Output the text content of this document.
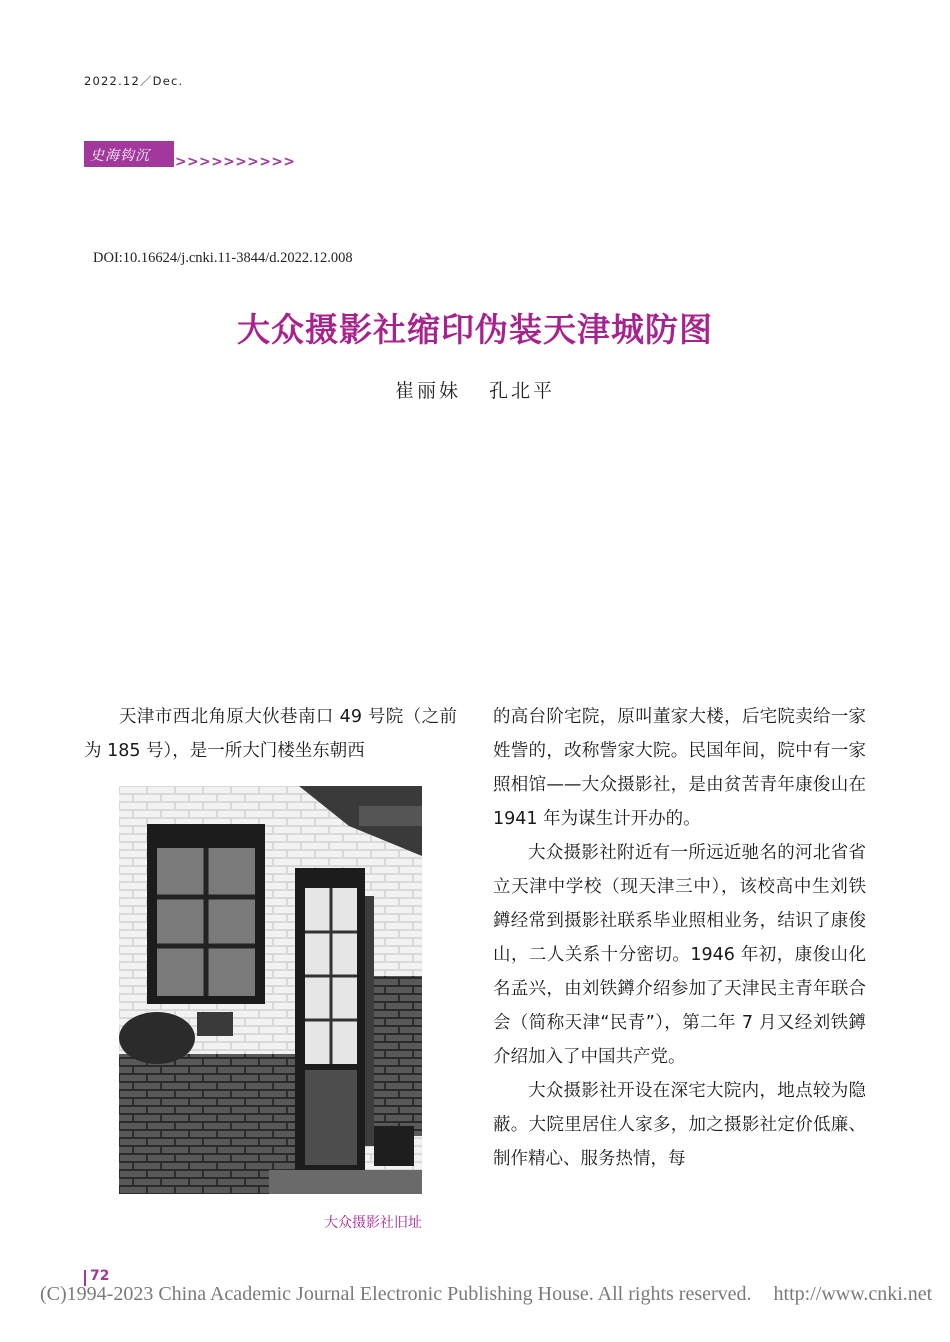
2022.12／Dec.
史海钩沉 >>>>>>>>>>
DOI:10.16624/j.cnki.11-3844/d.2022.12.008
大众摄影社缩印伪装天津城防图
崔丽妹 孔北平
天津市西北角原大伙巷南口 49 号院（之前为 185 号），是一所大门楼坐东朝西
大众摄影社旧址

的高台阶宅院，原叫董家大楼，后宅院卖给一家姓訾的，改称訾家大院。民国年间，院中有一家照相馆——大众摄影社，是由贫苦青年康俊山在 1941 年为谋生计开办的。

大众摄影社附近有一所远近驰名的河北省省立天津中学校（现天津三中），该校高中生刘铁鐏经常到摄影社联系毕业照相业务，结识了康俊山，二人关系十分密切。1946 年初，康俊山化名孟兴，由刘铁鐏介绍参加了天津民主青年联合会（简称天津“民青”），第二年 7 月又经刘铁鐏介绍加入了中国共产党。

大众摄影社开设在深宅大院内，地点较为隐蔽。大院里居住人家多，加之摄影社定价低廉、制作精心、服务热情，每

72
(C)1994-2023 China Academic Journal Electronic Publishing House. All rights reserved. http://www.cnki.net
